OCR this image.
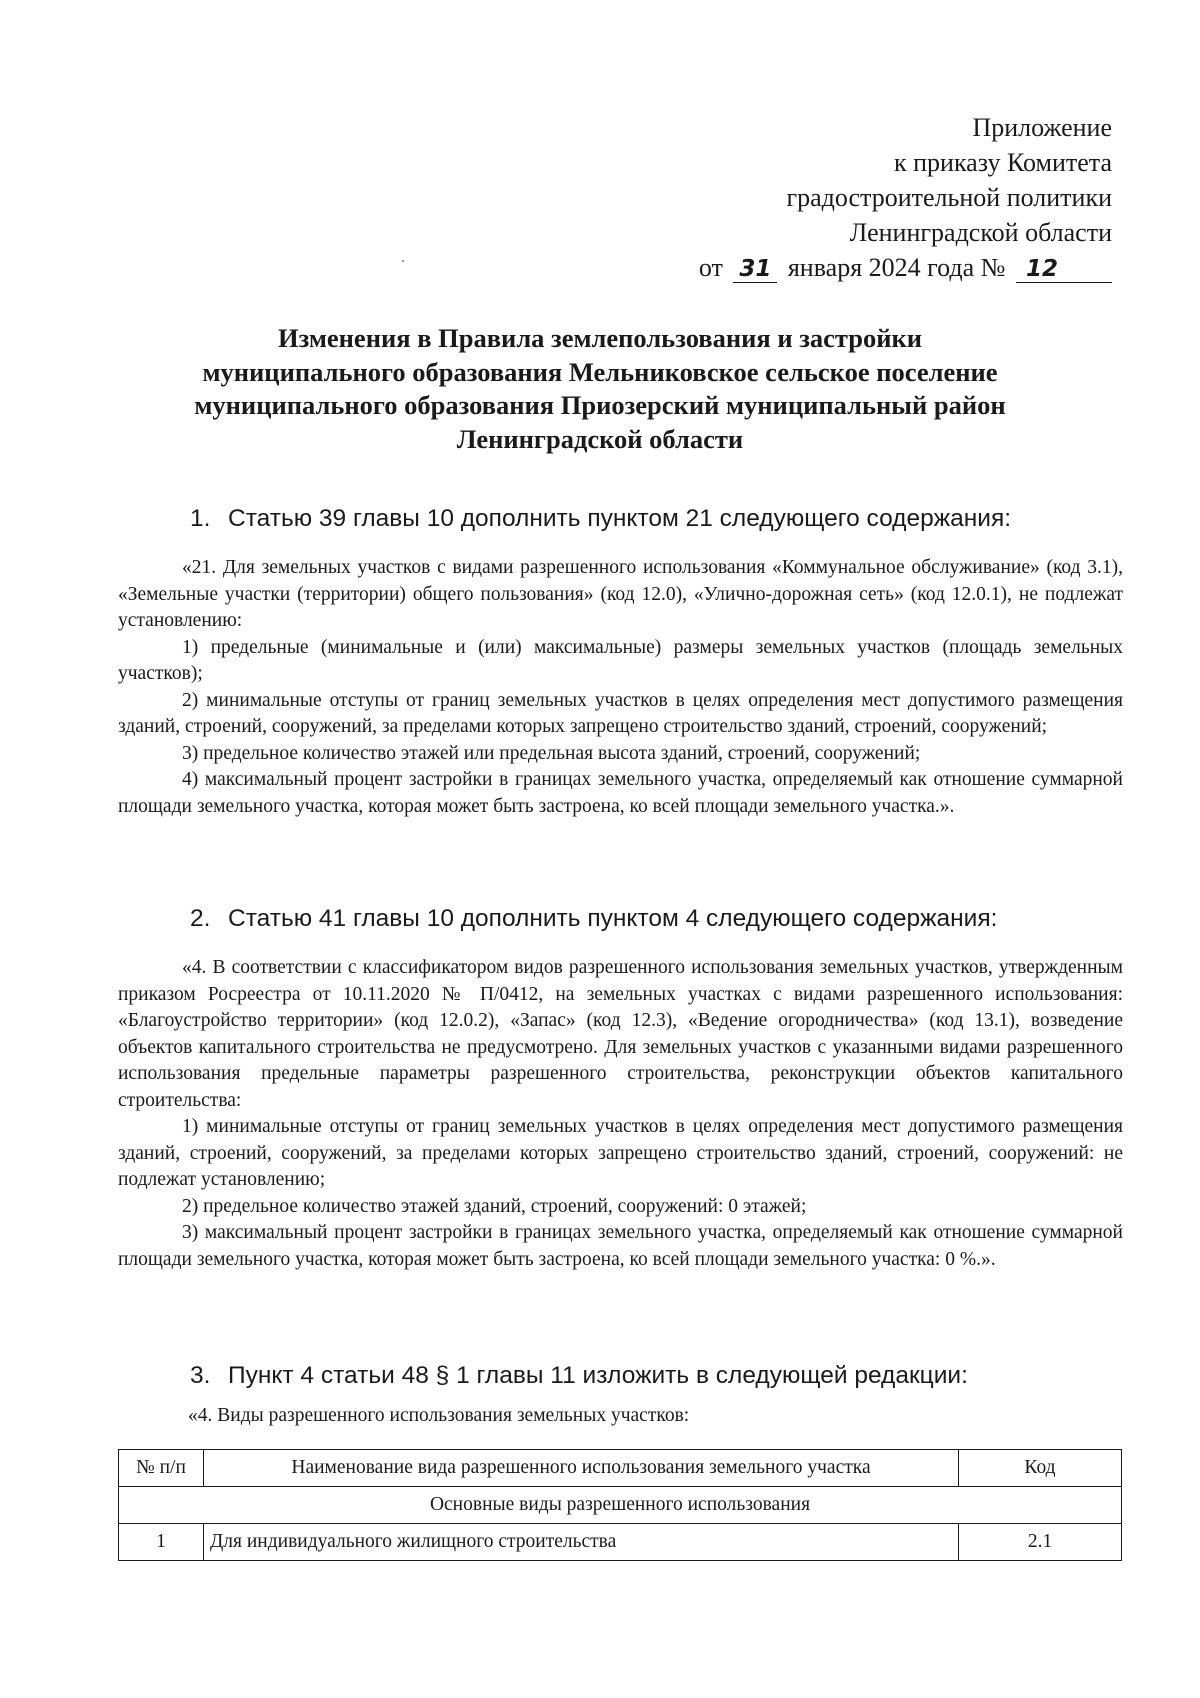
Приложение
к приказу Комитета
градостроительной политики
Ленинградской области
от 31 января 2024 года № 12
Изменения в Правила землепользования и застройки
муниципального образования Мельниковское сельское поселение
муниципального образования Приозерский муниципальный район
Ленинградской области
1. Статью 39 главы 10 дополнить пунктом 21 следующего содержания:

«21. Для земельных участков с видами разрешенного использования «Коммунальное обслуживание» (код 3.1), «Земельные участки (территории) общего пользования» (код 12.0), «Улично-дорожная сеть» (код 12.0.1), не подлежат установлению:

1) предельные (минимальные и (или) максимальные) размеры земельных участков (площадь земельных участков);

2) минимальные отступы от границ земельных участков в целях определения мест допустимого размещения зданий, строений, сооружений, за пределами которых запрещено строительство зданий, строений, сооружений;

3) предельное количество этажей или предельная высота зданий, строений, сооружений;

4) максимальный процент застройки в границах земельного участка, определяемый как отношение суммарной площади земельного участка, которая может быть застроена, ко всей площади земельного участка.».

2. Статью 41 главы 10 дополнить пунктом 4 следующего содержания:

«4. В соответствии с классификатором видов разрешенного использования земельных участков, утвержденным приказом Росреестра от 10.11.2020 № П/0412, на земельных участках с видами разрешенного использования: «Благоустройство территории» (код 12.0.2), «Запас» (код 12.3), «Ведение огородничества» (код 13.1), возведение объектов капитального строительства не предусмотрено. Для земельных участков с указанными видами разрешенного использования предельные параметры разрешенного строительства, реконструкции объектов капитального строительства:

1) минимальные отступы от границ земельных участков в целях определения мест допустимого размещения зданий, строений, сооружений, за пределами которых запрещено строительство зданий, строений, сооружений: не подлежат установлению;

2) предельное количество этажей зданий, строений, сооружений: 0 этажей;

3) максимальный процент застройки в границах земельного участка, определяемый как отношение суммарной площади земельного участка, которая может быть застроена, ко всей площади земельного участка: 0 %.».

3. Пункт 4 статьи 48 § 1 главы 11 изложить в следующей редакции:
«4. Виды разрешенного использования земельных участков:
№ п/п	Наименование вида разрешенного использования земельного участка	Код
Основные виды разрешенного использования		
1	Для индивидуального жилищного строительства	2.1
